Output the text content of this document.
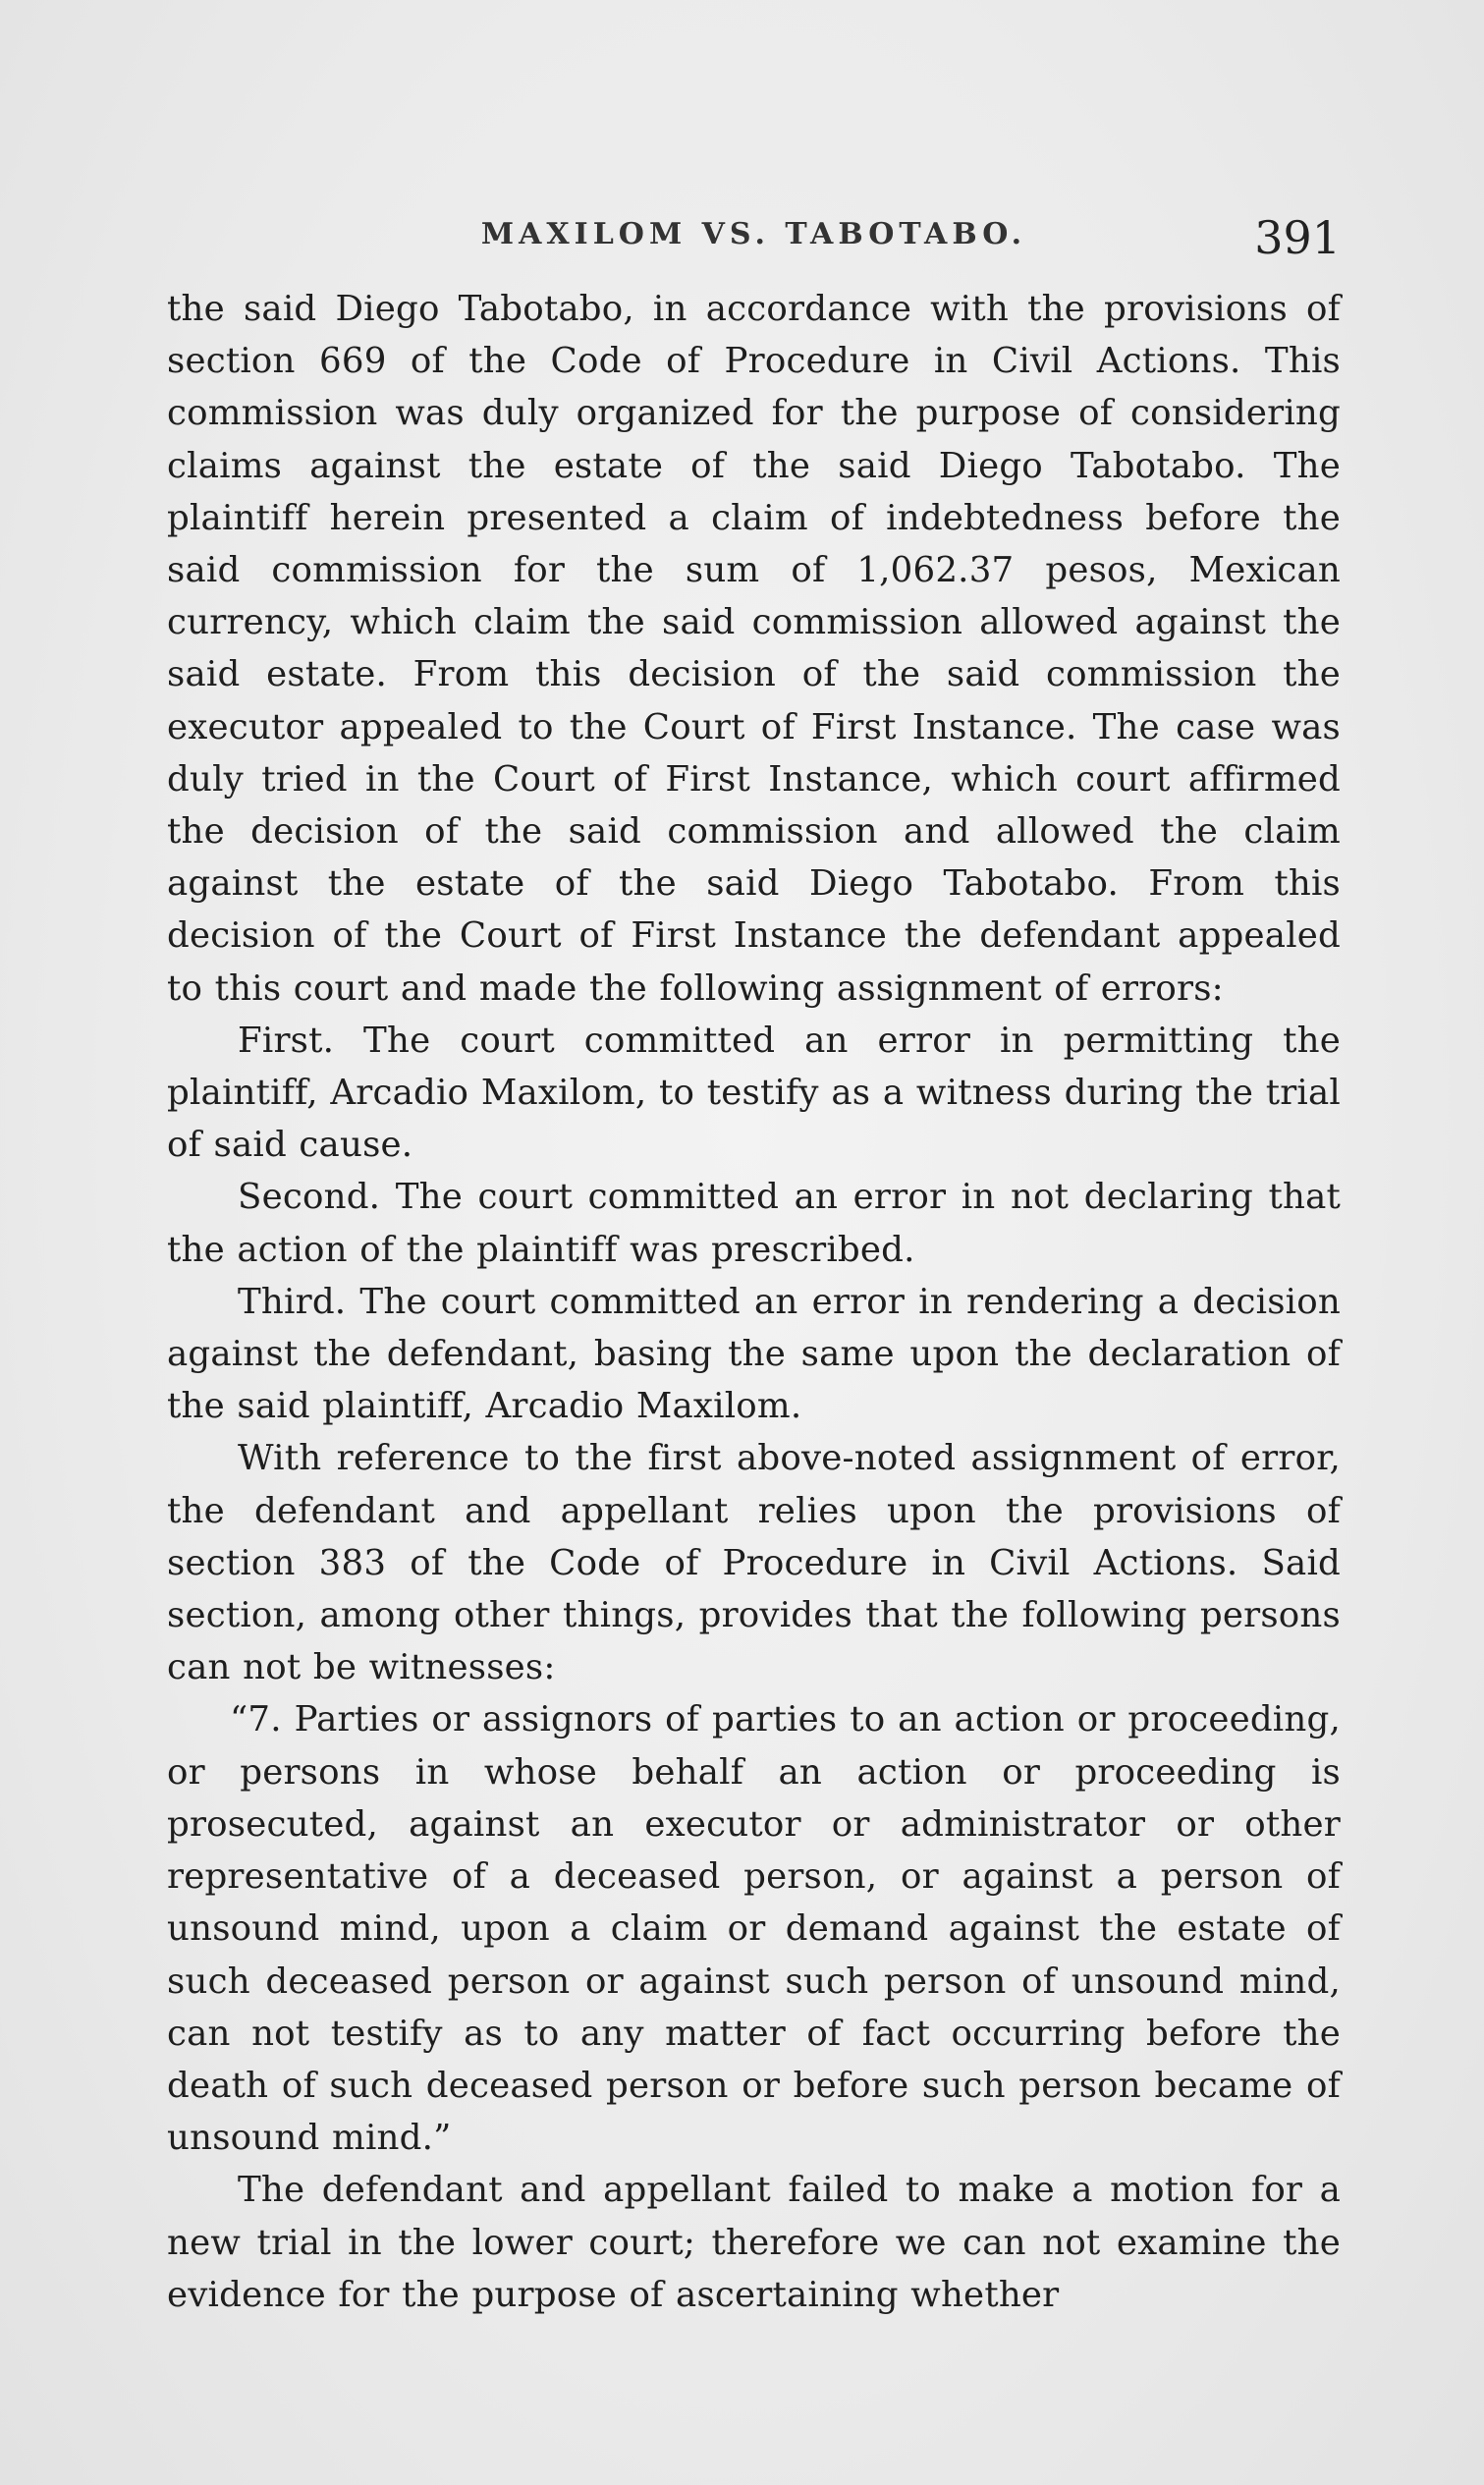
MAXILOM VS. TABOTABO.	391

the said Diego Tabotabo, in accordance with the provisions of section 669 of the Code of Procedure in Civil Actions. This commission was duly organized for the purpose of considering claims against the estate of the said Diego Tabotabo. The plaintiff herein presented a claim of indebtedness before the said commission for the sum of 1,062.37 pesos, Mexican currency, which claim the said commission allowed against the said estate. From this decision of the said commission the executor appealed to the Court of First Instance. The case was duly tried in the Court of First Instance, which court affirmed the decision of the said commission and allowed the claim against the estate of the said Diego Tabotabo. From this decision of the Court of First Instance the defendant appealed to this court and made the following assignment of errors:

First. The court committed an error in permitting the plaintiff, Arcadio Maxilom, to testify as a witness during the trial of said cause.

Second. The court committed an error in not declaring that the action of the plaintiff was prescribed.

Third. The court committed an error in rendering a decision against the defendant, basing the same upon the declaration of the said plaintiff, Arcadio Maxilom.

With reference to the first above-noted assignment of error, the defendant and appellant relies upon the provisions of section 383 of the Code of Procedure in Civil Actions. Said section, among other things, provides that the following persons can not be witnesses:

“7. Parties or assignors of parties to an action or proceeding, or persons in whose behalf an action or proceeding is prosecuted, against an executor or administrator or other representative of a deceased person, or against a person of unsound mind, upon a claim or demand against the estate of such deceased person or against such person of unsound mind, can not testify as to any matter of fact occurring before the death of such deceased person or before such person became of unsound mind.”

The defendant and appellant failed to make a motion for a new trial in the lower court; therefore we can not examine the evidence for the purpose of ascertaining whether
